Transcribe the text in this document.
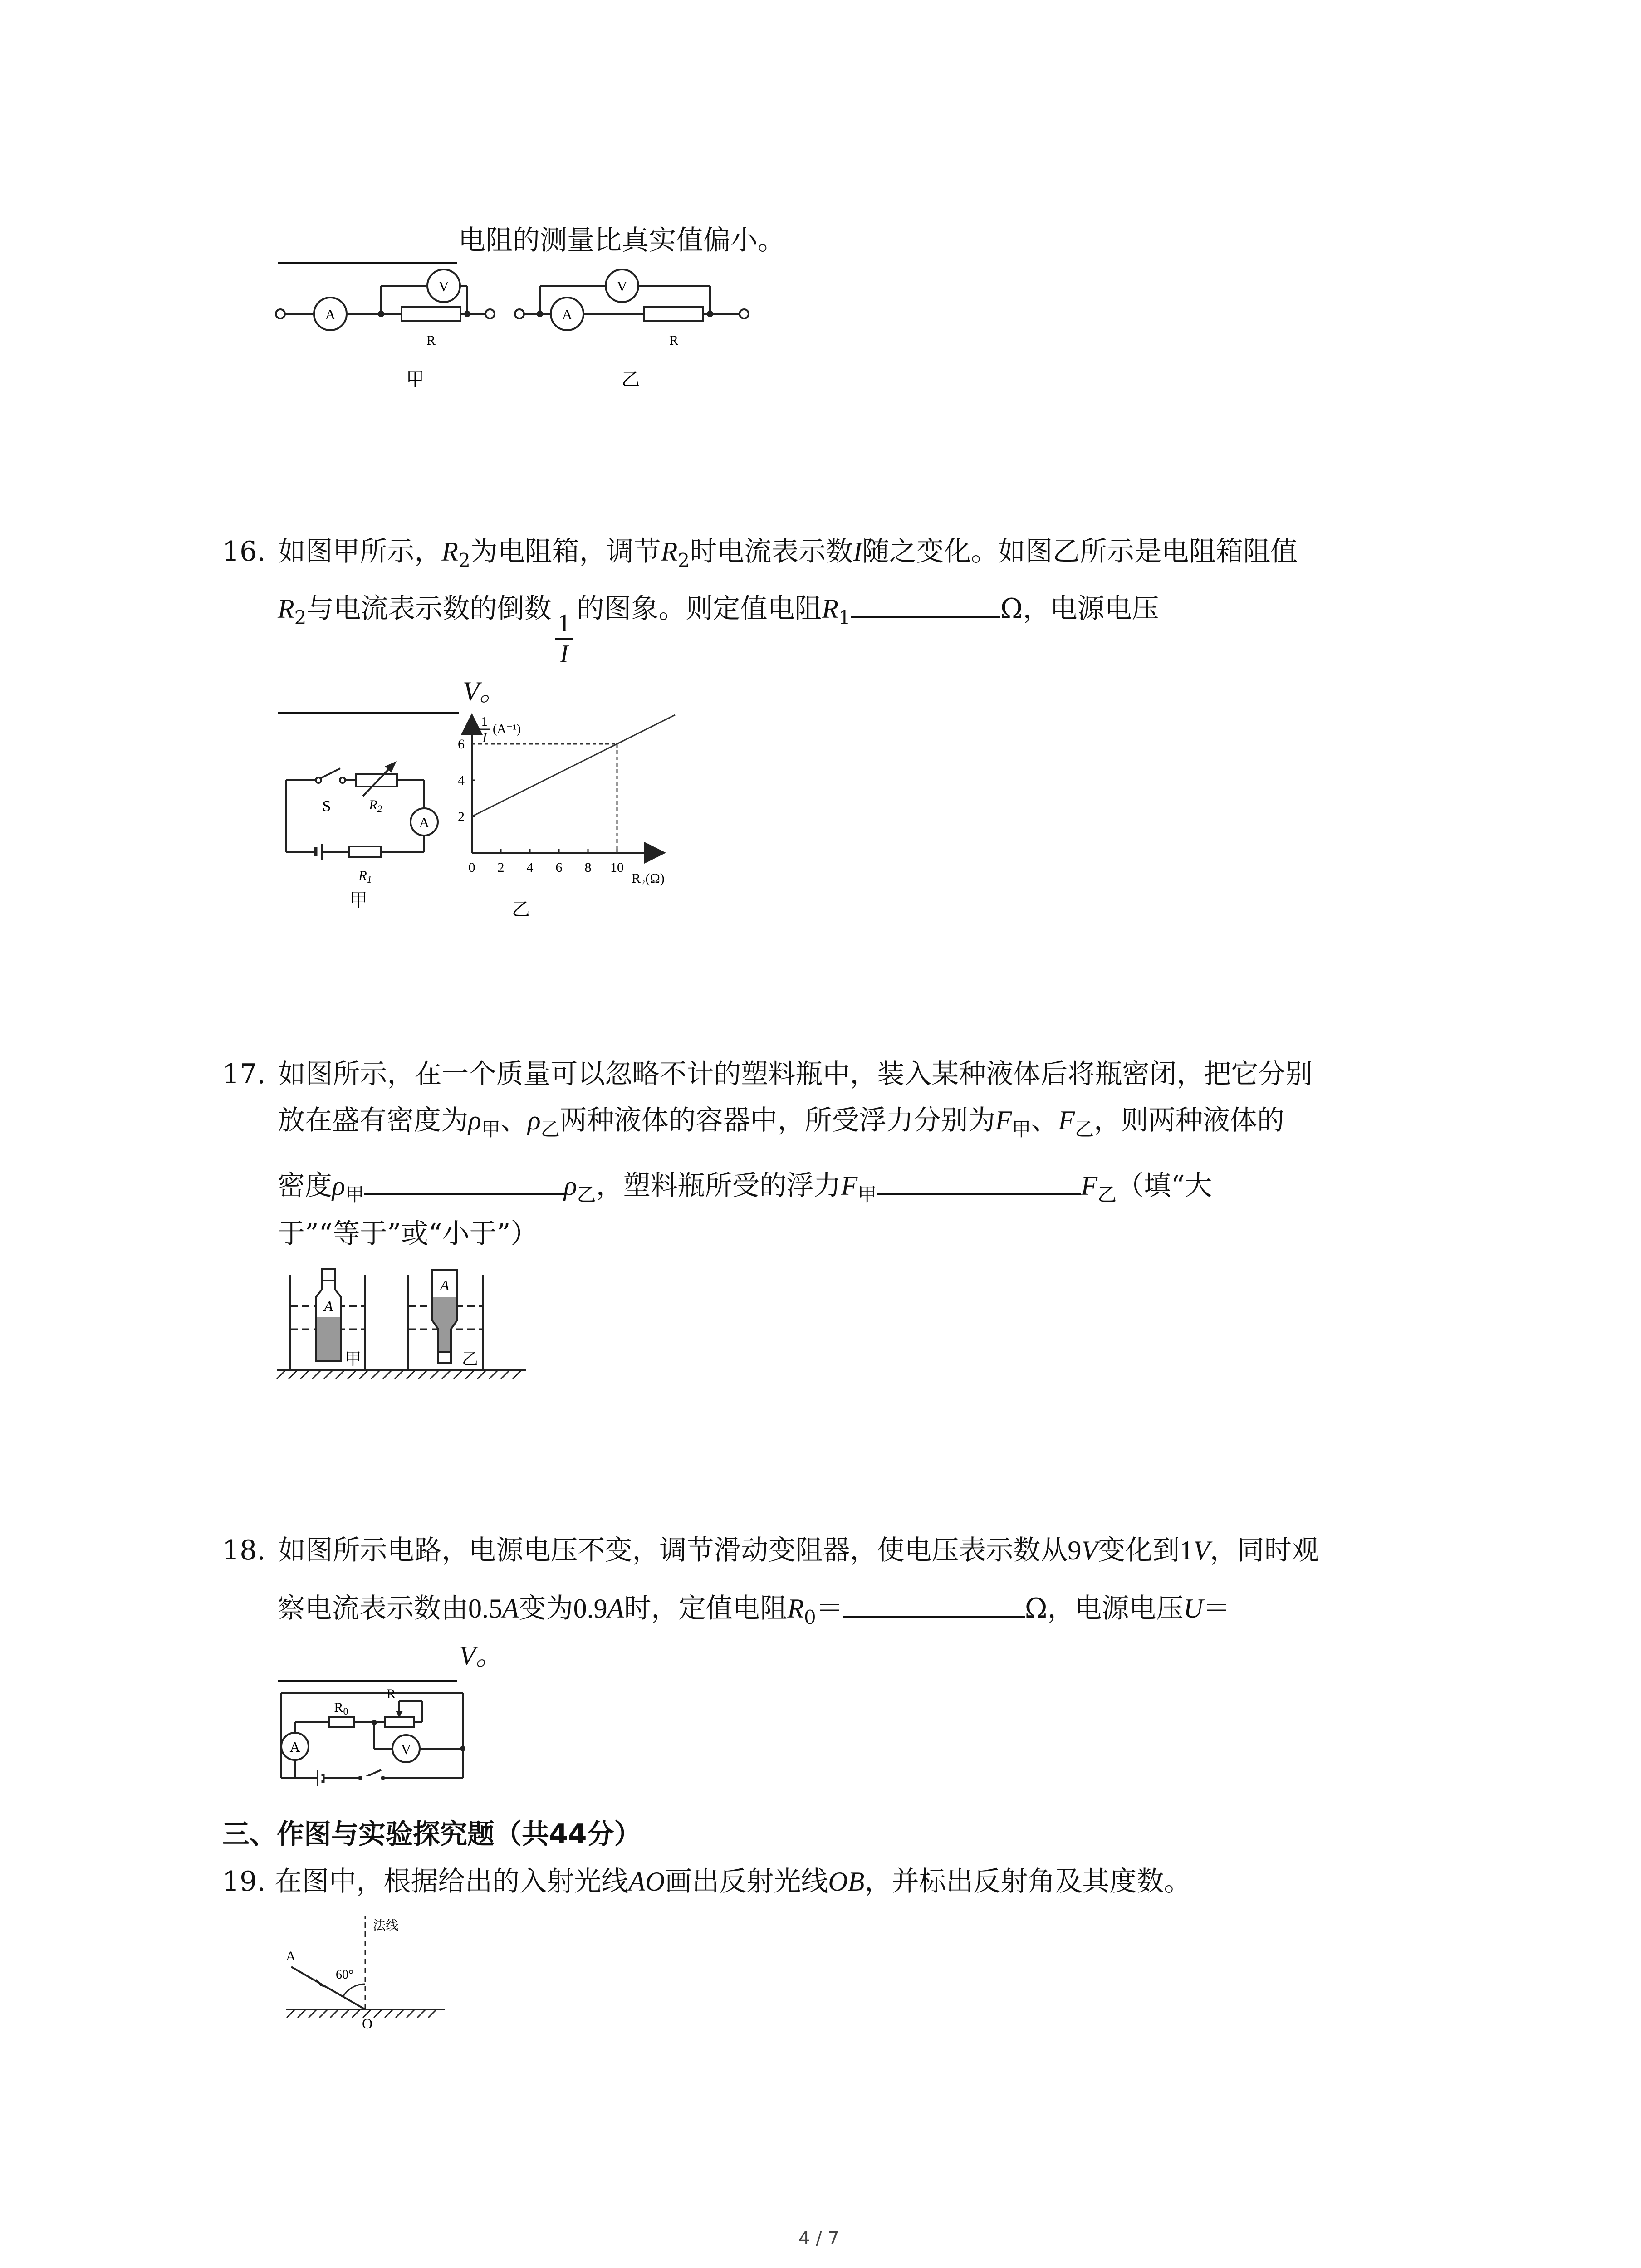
电阻的测量比真实值偏小。
A
V
R
甲
A
V
R
乙
16. 如图甲所示，$R_2$为电阻箱，调节$R_2$时电流表示数I随之变化。如图乙所示是电阻箱阻值
$R_2$与电流表示数的倒数
$\frac{1}{I}$
的图象。则定值电阻$R_1$	Ω，电源电压
V。
S	$R_2$
A
$R_1$
甲
0 2 4 6 8 10
2
4
6
1
I
(A⁻¹)
R₂(Ω)
乙
17. 如图所示，在一个质量可以忽略不计的塑料瓶中，装入某种液体后将瓶密闭，把它分别
放在盛有密度为$\rho_甲$、$\rho_乙$两种液体的容器中，所受浮力分别为$F_甲$、$F_乙$，则两种液体的
密度$\rho_甲$	$\rho_乙$，塑料瓶所受的浮力$F_甲$	$F_乙$（填“大
于”“等于”或“小于”）
A
甲
A
乙
18. 如图所示电路，电源电压不变，调节滑动变阻器，使电压表示数从9V变化到1V，同时观
察电流表示数由0.5A变为0.9A时，定值电阻$R_0=$	Ω，电源电压U＝
V。
$R_0$
R
A	V
三、作图与实验探究题（共44分）
19. 在图中，根据给出的入射光线AO画出反射光线OB，并标出反射角及其度数。
法线
A
60°
O
4 / 7
